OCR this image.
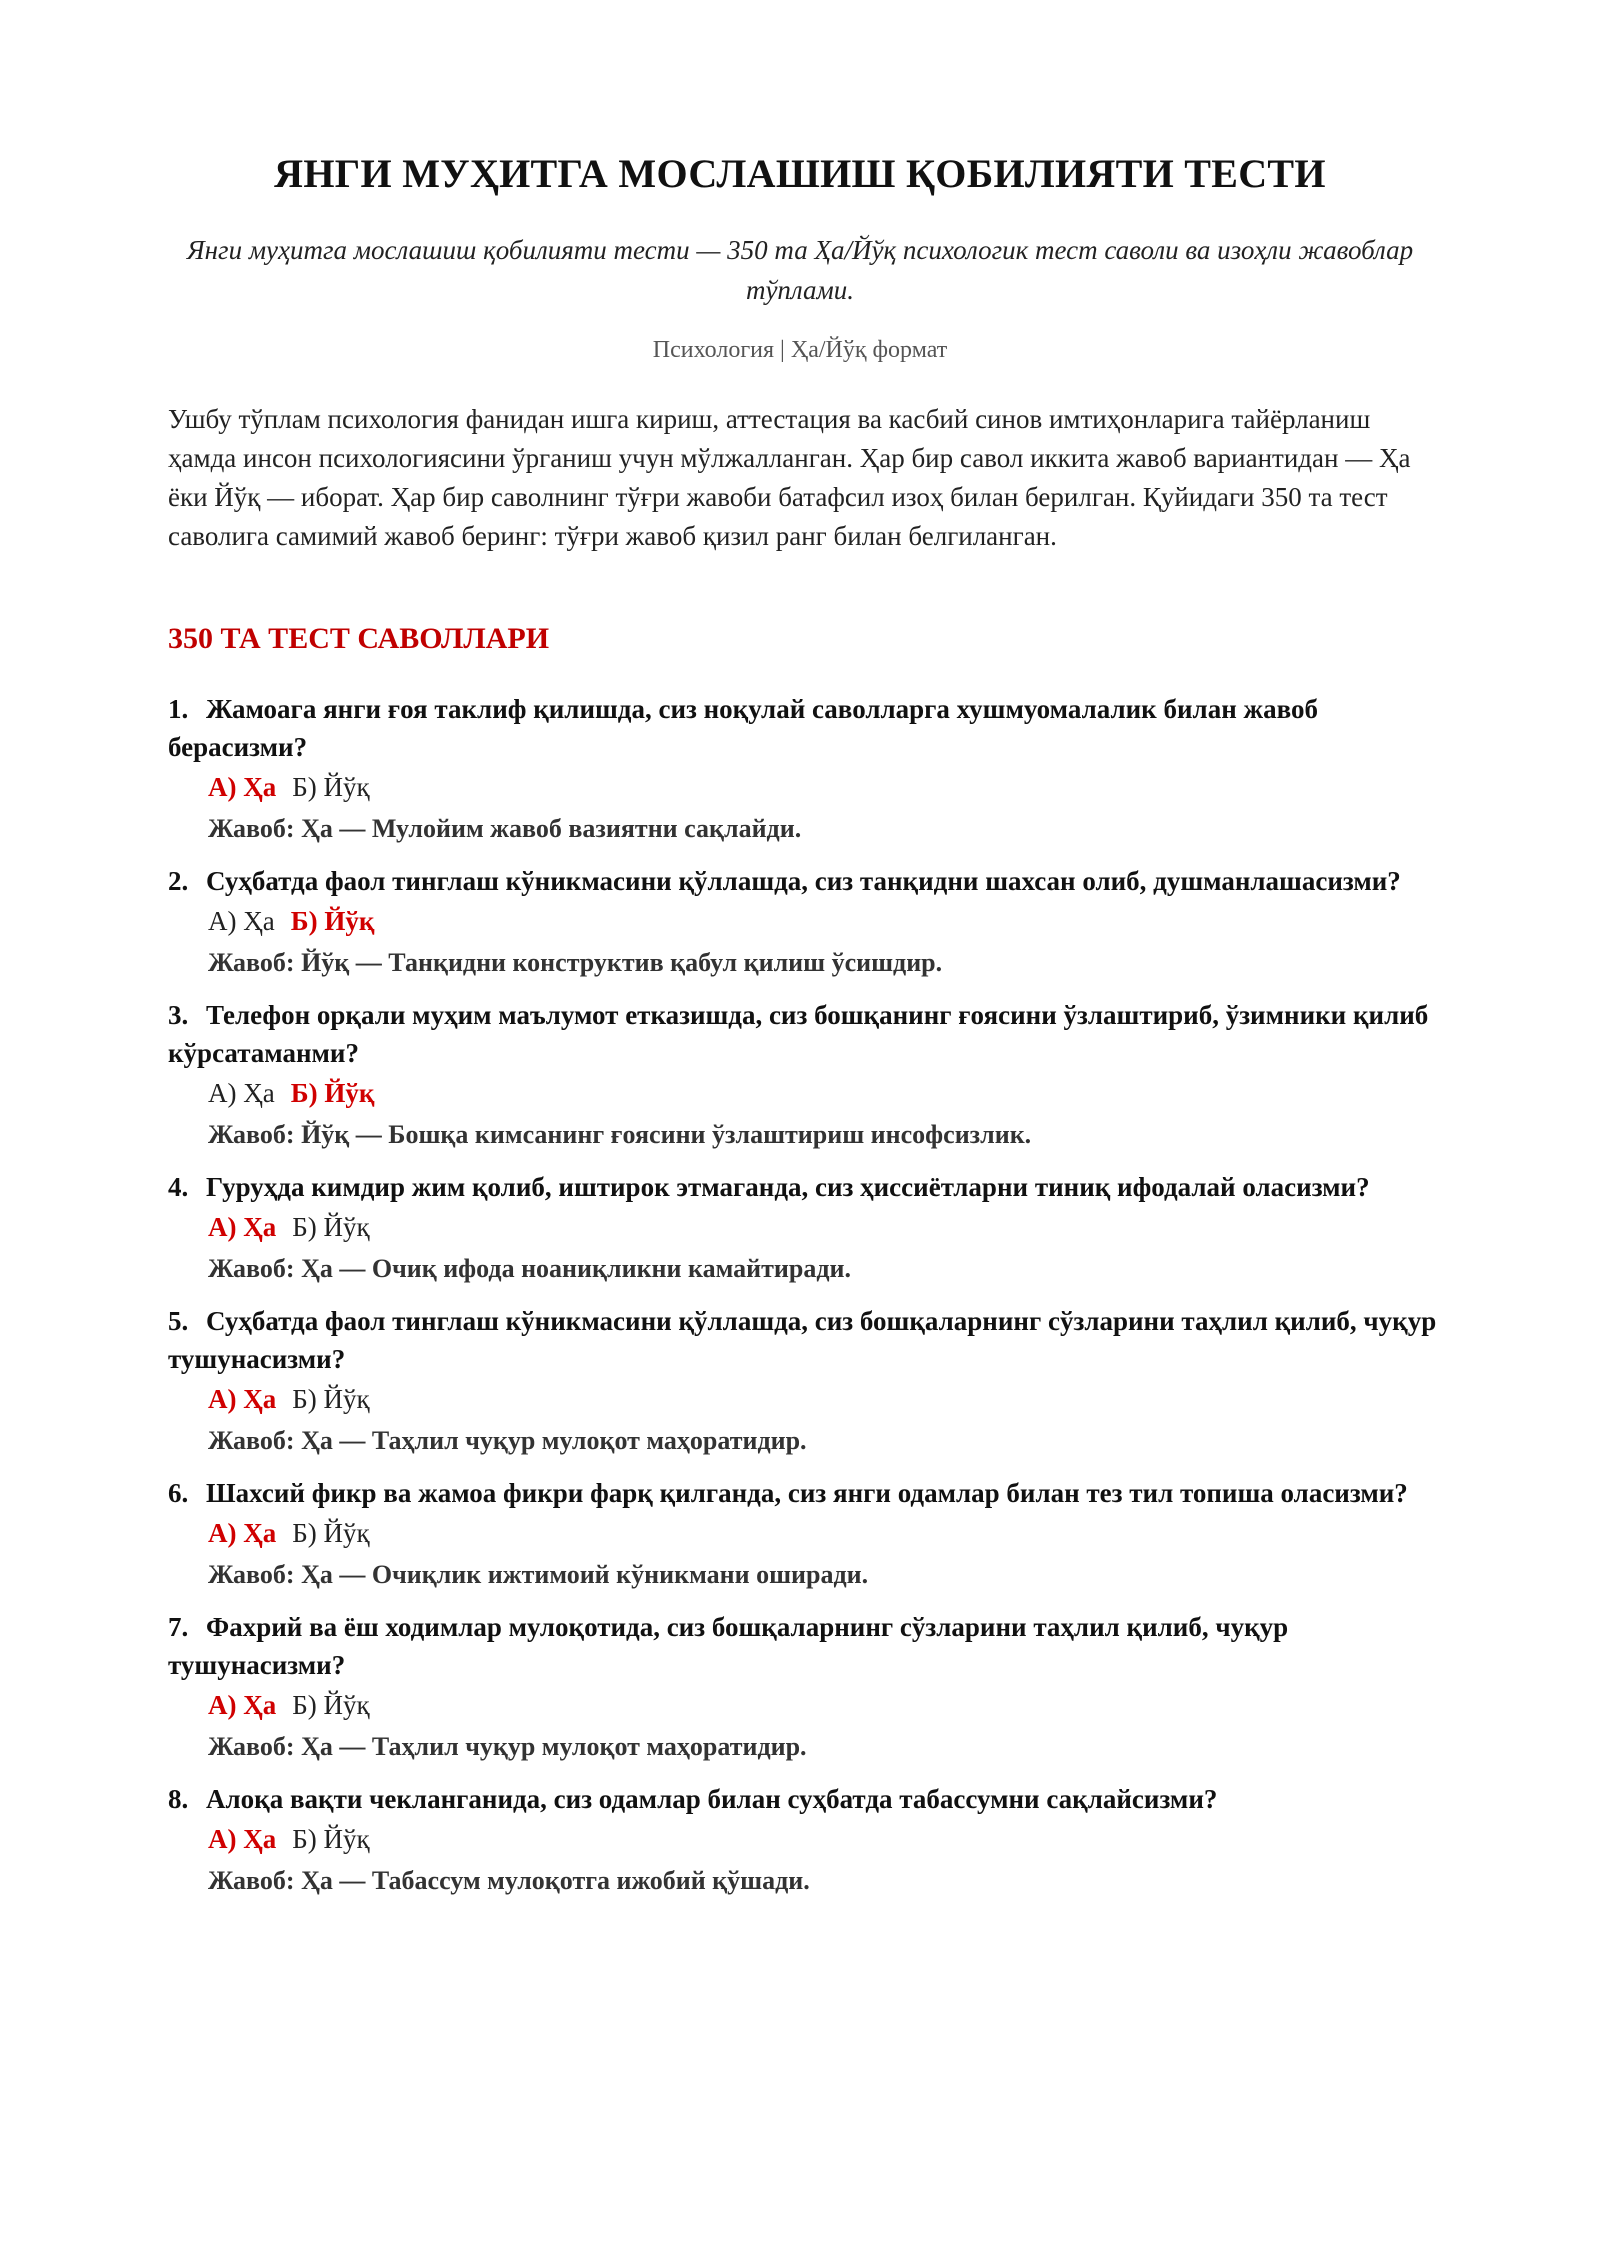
ЯНГИ МУҲИТГА МОСЛАШИШ ҚОБИЛИЯТИ ТЕСТИ

Янги муҳитга мослашиш қобилияти тести — 350 та Ҳа/Йўқ психологик тест саволи ва изоҳли жавоблар тўплами.

Психология | Ҳа/Йўқ формат

Ушбу тўплам психология фанидан ишга кириш, аттестация ва касбий синов имтиҳонларига тайёрланиш ҳамда инсон психологиясини ўрганиш учун мўлжалланган. Ҳар бир савол иккита жавоб вариантидан — Ҳа ёки Йўқ — иборат. Ҳар бир саволнинг тўғри жавоби батафсил изоҳ билан берилган. Қуйидаги 350 та тест саволига самимий жавоб беринг: тўғри жавоб қизил ранг билан белгиланган.

350 ТА ТЕСТ САВОЛЛАРИ
1. Жамоага янги ғоя таклиф қилишда, сиз ноқулай саволларга хушмуомалалик билан жавоб берасизми?
А) Ҳа Б) Йўқ
Жавоб: Ҳа — Мулойим жавоб вазиятни сақлайди.
2. Суҳбатда фаол тинглаш кўникмасини қўллашда, сиз танқидни шахсан олиб, душманлашасизми?
А) Ҳа Б) Йўқ
Жавоб: Йўқ — Танқидни конструктив қабул қилиш ўсишдир.
3. Телефон орқали муҳим маълумот етказишда, сиз бошқанинг ғоясини ўзлаштириб, ўзимники қилиб кўрсатаманми?
А) Ҳа Б) Йўқ
Жавоб: Йўқ — Бошқа кимсанинг ғоясини ўзлаштириш инсофсизлик.
4. Гуруҳда кимдир жим қолиб, иштирок этмаганда, сиз ҳиссиётларни тиниқ ифодалай оласизми?
А) Ҳа Б) Йўқ
Жавоб: Ҳа — Очиқ ифода ноаниқликни камайтиради.
5. Суҳбатда фаол тинглаш кўникмасини қўллашда, сиз бошқаларнинг сўзларини таҳлил қилиб, чуқур тушунасизми?
А) Ҳа Б) Йўқ
Жавоб: Ҳа — Таҳлил чуқур мулоқот маҳоратидир.
6. Шахсий фикр ва жамоа фикри фарқ қилганда, сиз янги одамлар билан тез тил топиша оласизми?
А) Ҳа Б) Йўқ
Жавоб: Ҳа — Очиқлик ижтимоий кўникмани оширади.
7. Фахрий ва ёш ходимлар мулоқотида, сиз бошқаларнинг сўзларини таҳлил қилиб, чуқур тушунасизми?
А) Ҳа Б) Йўқ
Жавоб: Ҳа — Таҳлил чуқур мулоқот маҳоратидир.
8. Алоқа вақти чекланганида, сиз одамлар билан суҳбатда табассумни сақлайсизми?
А) Ҳа Б) Йўқ
Жавоб: Ҳа — Табассум мулоқотга ижобий қўшади.
